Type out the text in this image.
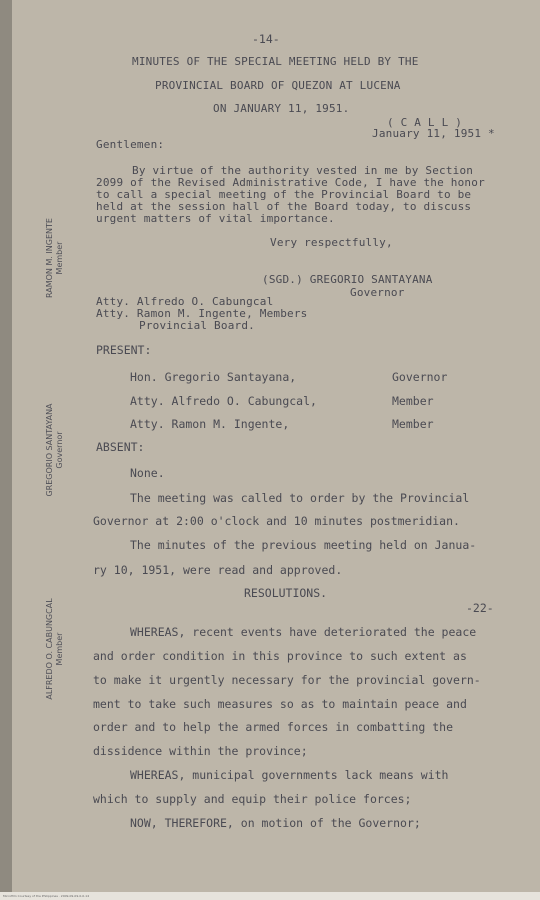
-14-
MINUTES OF THE SPECIAL MEETING HELD BY THE
PROVINCIAL BOARD OF QUEZON AT LUCENA
ON JANUARY 11, 1951.
( C A L L )
January 11, 1951 *
Gentlemen:
By virtue of the authority vested in me by Section
2099 of the Revised Administrative Code, I have the honor
to call a special meeting of the Provincial Board to be
held at the session hall of the Board today, to discuss
urgent matters of vital importance.
Very respectfully,
(SGD.) GREGORIO SANTAYANA
Governor
Atty. Alfredo O. Cabungcal
Atty. Ramon M. Ingente, Members
Provincial Board.
PRESENT:
Hon. Gregorio Santayana,	Governor
Atty. Alfredo O. Cabungcal,	Member
Atty. Ramon M. Ingente,	Member
ABSENT:
None.
The meeting was called to order by the Provincial
Governor at 2:00 o'clock and 10 minutes postmeridian.
The minutes of the previous meeting held on Janua-
ry 10, 1951, were read and approved.
RESOLUTIONS.
-22-
WHEREAS, recent events have deteriorated the peace
and order condition in this province to such extent as
to make it urgently necessary for the provincial govern-
ment to take such measures so as to maintain peace and
order and to help the armed forces in combatting the
dissidence within the province;
WHEREAS, municipal governments lack means with
which to supply and equip their police forces;
NOW, THEREFORE, on motion of the Governor;
RAMON M. INGENTE Member
GREGORIO SANTAYANA Governor
ALFREDO O. CABUNGCAL Member
Microfilm Courtesy of the Philippines · 2009-09-09-0-0-14
